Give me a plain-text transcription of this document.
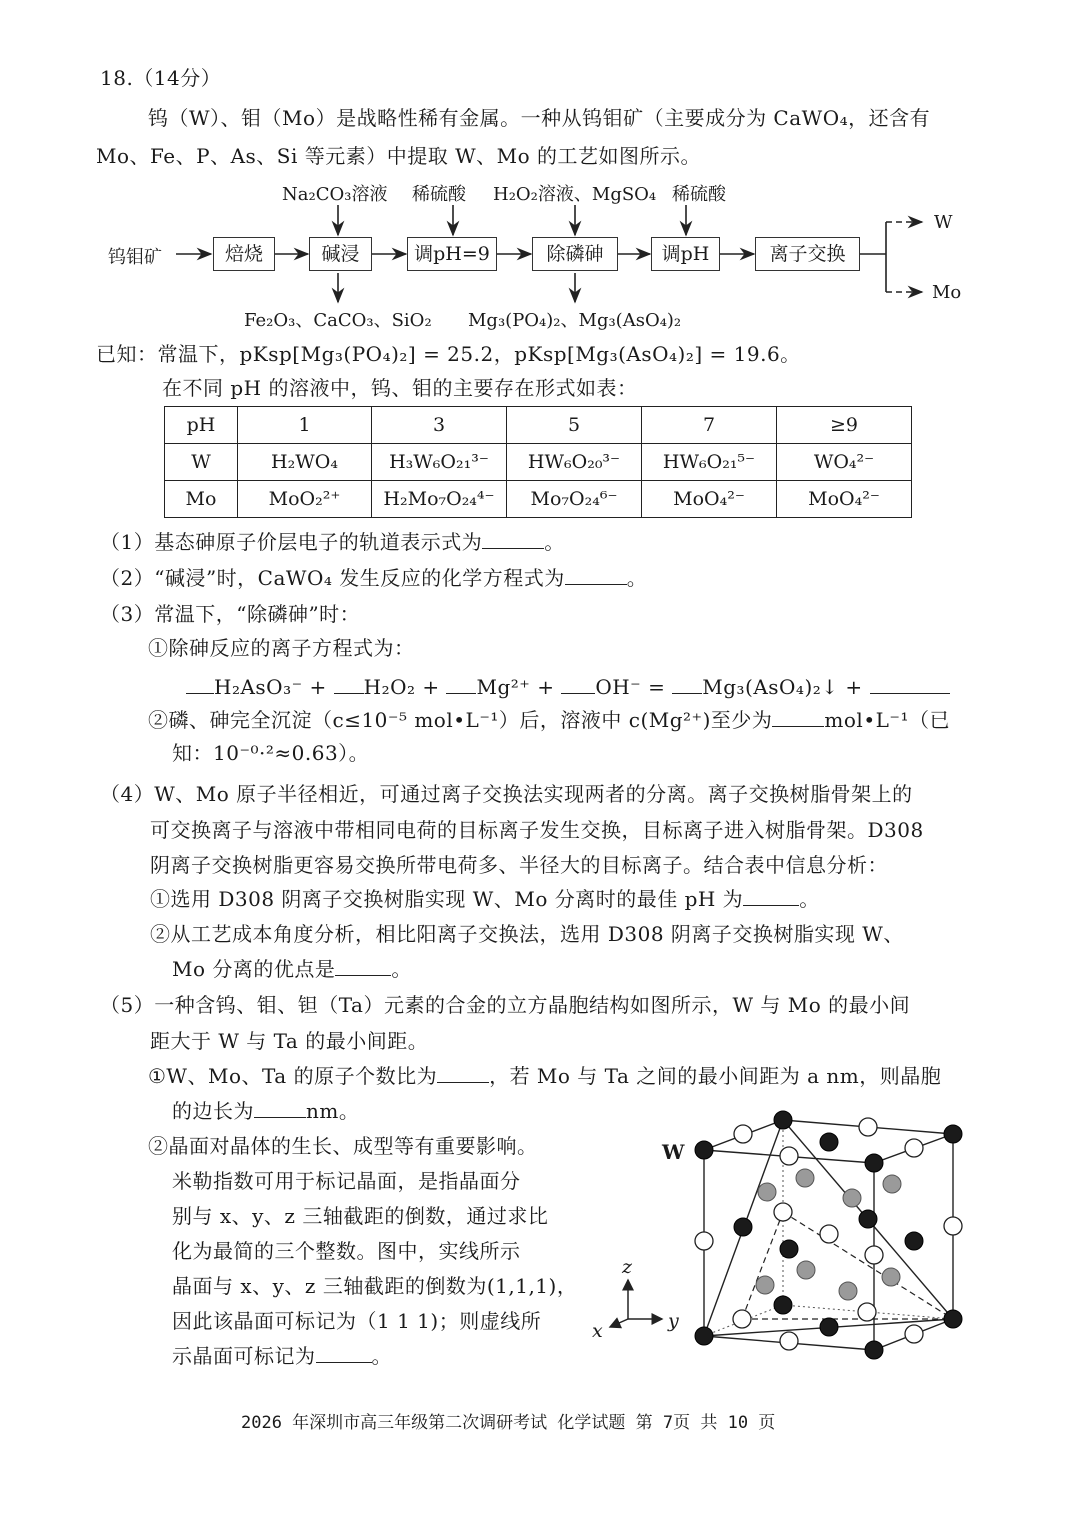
18.（14分）
钨（W）、钼（Mo）是战略性稀有金属。一种从钨钼矿（主要成分为 CaWO₄，还含有
Mo、Fe、P、As、Si 等元素）中提取 W、Mo 的工艺如图所示。
钨钼矿	焙烧	碱浸	调pH=9	除磷砷	调pH	离子交换
Na₂CO₃溶液 稀硫酸 H₂O₂溶液、MgSO₄ 稀硫酸
Fe₂O₃、CaCO₃、SiO₂ Mg₃(PO₄)₂、Mg₃(AsO₄)₂
W
Mo
已知：常温下，pKsp[Mg₃(PO₄)₂] = 25.2，pKsp[Mg₃(AsO₄)₂] = 19.6。
在不同 pH 的溶液中，钨、钼的主要存在形式如表：
pH	1	3	5	7	≥9
W	H₂WO₄	H₃W₆O₂₁³⁻	HW₆O₂₀³⁻	HW₆O₂₁⁵⁻	WO₄²⁻
Mo	MoO₂²⁺	H₂Mo₇O₂₄⁴⁻	Mo₇O₂₄⁶⁻	MoO₄²⁻	MoO₄²⁻
（1）基态砷原子价层电子的轨道表示式为	。
（2）“碱浸”时，CaWO₄ 发生反应的化学方程式为	。
（3）常温下，“除磷砷”时：
①除砷反应的离子方程式为：
H₂AsO₃⁻ + H₂O₂ + Mg²⁺ + OH⁻ = Mg₃(AsO₄)₂↓ +
②磷、砷完全沉淀（c≤10⁻⁵ mol•L⁻¹）后，溶液中 c(Mg²⁺)至少为	mol•L⁻¹（已
知：10⁻⁰·²≈0.63）。
（4）W、Mo 原子半径相近，可通过离子交换法实现两者的分离。离子交换树脂骨架上的
可交换离子与溶液中带相同电荷的目标离子发生交换，目标离子进入树脂骨架。D308
阴离子交换树脂更容易交换所带电荷多、半径大的目标离子。结合表中信息分析：
①选用 D308 阴离子交换树脂实现 W、Mo 分离时的最佳 pH 为	。
②从工艺成本角度分析，相比阳离子交换法，选用 D308 阴离子交换树脂实现 W、
Mo 分离的优点是	。
（5）一种含钨、钼、钽（Ta）元素的合金的立方晶胞结构如图所示，W 与 Mo 的最小间
距大于 W 与 Ta 的最小间距。
①W、Mo、Ta 的原子个数比为	，若 Mo 与 Ta 之间的最小间距为 a nm，则晶胞
的边长为	nm。
②晶面对晶体的生长、成型等有重要影响。
米勒指数可用于标记晶面，是指晶面分
别与 x、y、z 三轴截距的倒数，通过求比
化为最简的三个整数。图中，实线所示
晶面与 x、y、z 三轴截距的倒数为(1,1,1)，
因此该晶面可标记为（1 1 1)；则虚线所
示晶面可标记为	。
W
z
y
x
2026 年深圳市高三年级第二次调研考试 化学试题 第 7页 共 10 页
